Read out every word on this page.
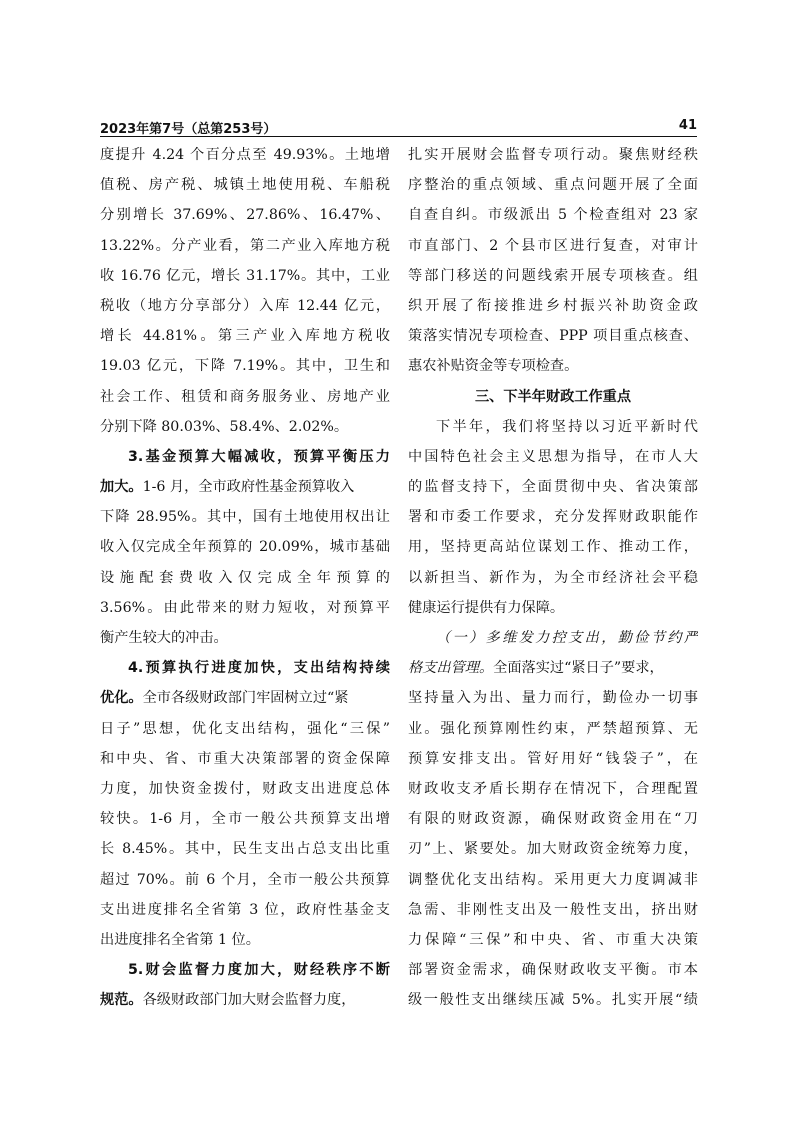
2023年第7号（总第253号）	41
度提升 4.24 个百分点至 49.93%。土地增
值税、房产税、城镇土地使用税、车船税
分别增长 37.69%、27.86%、16.47%、
13.22%。分产业看，第二产业入库地方税
收 16.76 亿元，增长 31.17%。其中，工业
税收（地方分享部分）入库 12.44 亿元，
增长 44.81%。第三产业入库地方税收
19.03 亿元，下降 7.19%。其中，卫生和
社会工作、租赁和商务服务业、房地产业
分别下降 80.03%、58.4%、2.02%。
3.基金预算大幅减收，预算平衡压力
加大。1-6 月，全市政府性基金预算收入
下降 28.95%。其中，国有土地使用权出让
收入仅完成全年预算的 20.09%，城市基础
设施配套费收入仅完成全年预算的
3.56%。由此带来的财力短收，对预算平
衡产生较大的冲击。
4.预算执行进度加快，支出结构持续
优化。全市各级财政部门牢固树立过“紧
日子”思想，优化支出结构，强化“三保”
和中央、省、市重大决策部署的资金保障
力度，加快资金拨付，财政支出进度总体
较快。1-6 月，全市一般公共预算支出增
长 8.45%。其中，民生支出占总支出比重
超过 70%。前 6 个月，全市一般公共预算
支出进度排名全省第 3 位，政府性基金支
出进度排名全省第 1 位。
5.财会监督力度加大，财经秩序不断
规范。各级财政部门加大财会监督力度，
扎实开展财会监督专项行动。聚焦财经秩
序整治的重点领域、重点问题开展了全面
自查自纠。市级派出 5 个检查组对 23 家
市直部门、2 个县市区进行复查，对审计
等部门移送的问题线索开展专项核查。组
织开展了衔接推进乡村振兴补助资金政
策落实情况专项检查、PPP 项目重点核查、
惠农补贴资金等专项检查。
三、下半年财政工作重点
下半年，我们将坚持以习近平新时代
中国特色社会主义思想为指导，在市人大
的监督支持下，全面贯彻中央、省决策部
署和市委工作要求，充分发挥财政职能作
用，坚持更高站位谋划工作、推动工作，
以新担当、新作为，为全市经济社会平稳
健康运行提供有力保障。
（一）多维发力控支出，勤俭节约严
格支出管理。全面落实过“紧日子”要求，
坚持量入为出、量力而行，勤俭办一切事
业。强化预算刚性约束，严禁超预算、无
预算安排支出。管好用好“钱袋子”，在
财政收支矛盾长期存在情况下，合理配置
有限的财政资源，确保财政资金用在“刀
刃”上、紧要处。加大财政资金统筹力度，
调整优化支出结构。采用更大力度调减非
急需、非刚性支出及一般性支出，挤出财
力保障“三保”和中央、省、市重大决策
部署资金需求，确保财政收支平衡。市本
级一般性支出继续压减 5%。扎实开展“绩
